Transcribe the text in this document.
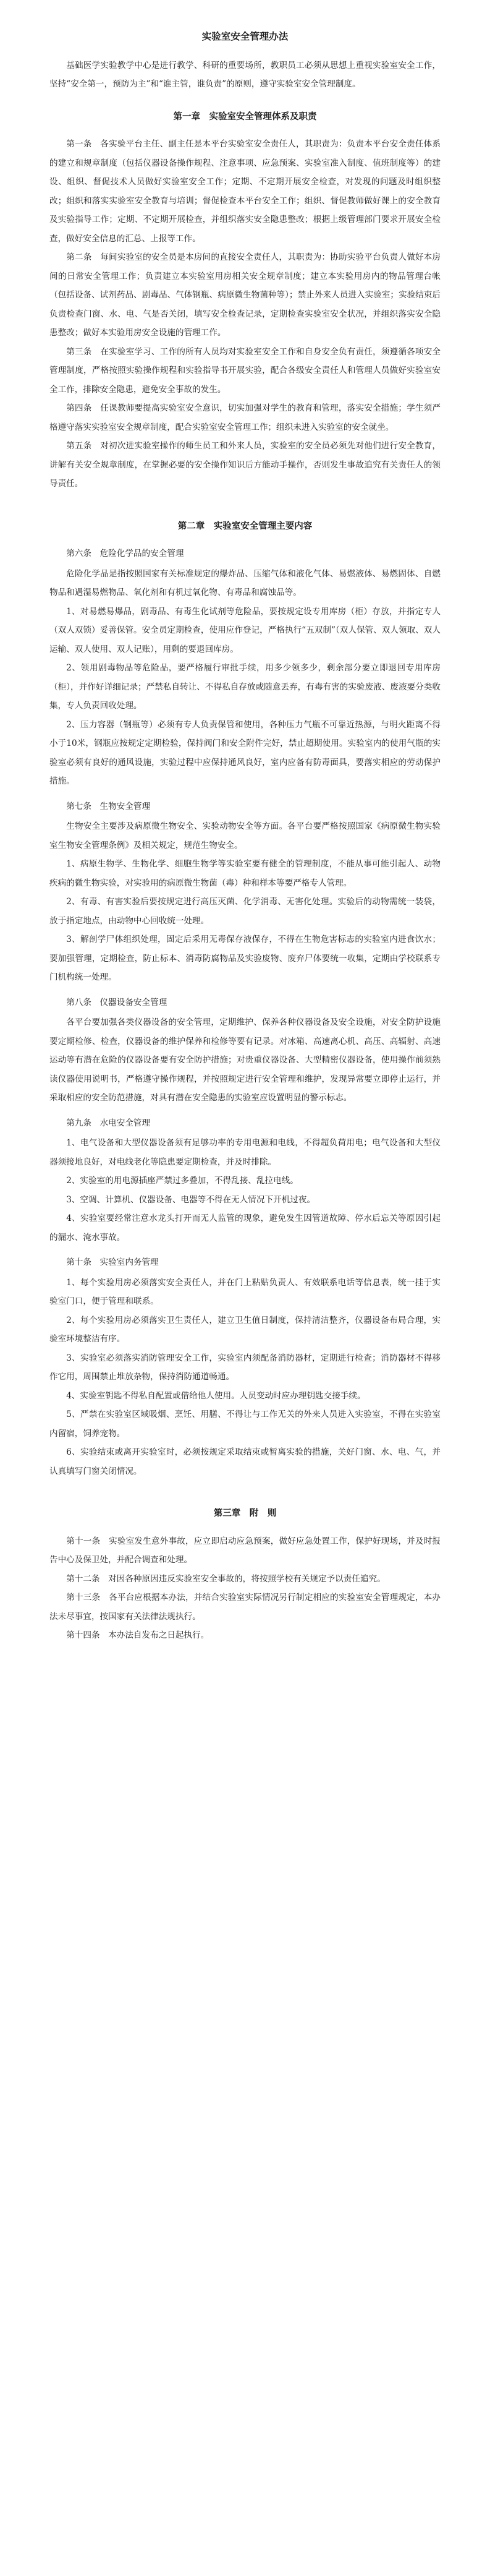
实验室安全管理办法

基础医学实验教学中心是进行教学、科研的重要场所，教职员工必须从思想上重视实验室安全工作，坚持“安全第一，预防为主”和“谁主管，谁负责”的原则，遵守实验室安全管理制度。

第一章　实验室安全管理体系及职责

第一条　各实验平台主任、副主任是本平台实验室安全责任人，其职责为：负责本平台安全责任体系的建立和规章制度（包括仪器设备操作规程、注意事项、应急预案、实验室准入制度、值班制度等）的建设、组织、督促技术人员做好实验室安全工作；定期、不定期开展安全检查，对发现的问题及时组织整改；组织和落实实验室安全教育与培训；督促检查本平台安全工作；组织、督促教师做好课上的安全教育及实验指导工作；定期、不定期开展检查，并组织落实安全隐患整改；根据上级管理部门要求开展安全检查，做好安全信息的汇总、上报等工作。

第二条　每间实验室的安全员是本房间的直接安全责任人，其职责为：协助实验平台负责人做好本房间的日常安全管理工作；负责建立本实验室用房相关安全规章制度；建立本实验用房内的物品管理台帐（包括设备、试剂药品、剧毒品、气体钢瓶、病原微生物菌种等）；禁止外来人员进入实验室；实验结束后负责检查门窗、水、电、气是否关闭，填写安全检查记录，定期检查实验室安全状况，并组织落实安全隐患整改；做好本实验用房安全设施的管理工作。

第三条　在实验室学习、工作的所有人员均对实验室安全工作和自身安全负有责任，须遵循各项安全管理制度，严格按照实验操作规程和实验指导书开展实验，配合各级安全责任人和管理人员做好实验室安全工作，排除安全隐患，避免安全事故的发生。

第四条　任课教师要提高实验室安全意识，切实加强对学生的教育和管理，落实安全措施；学生须严格遵守落实实验室安全规章制度，配合实验室安全管理工作；组织未进入实验室的安全就坐。

第五条　对初次进实验室操作的师生员工和外来人员，实验室的安全员必须先对他们进行安全教育，讲解有关安全规章制度，在掌握必要的安全操作知识后方能动手操作，否则发生事故追究有关责任人的领导责任。

第二章　实验室安全管理主要内容

第六条　危险化学品的安全管理

危险化学品是指按照国家有关标准规定的爆炸品、压缩气体和液化气体、易燃液体、易燃固体、自燃物品和遇湿易燃物品、氧化剂和有机过氧化物、有毒品和腐蚀品等。

1、对易燃易爆品，剧毒品、有毒生化试剂等危险品，要按规定设专用库房（柜）存放，并指定专人（双人双锁）妥善保管。安全员定期检查，使用应作登记，严格执行“五双制”（双人保管、双人领取、双人运输、双人使用、双人记账），用剩的要退回库房。

2、领用剧毒物品等危险品，要严格履行审批手续，用多少领多少，剩余部分要立即退回专用库房（柜），并作好详细记录；严禁私自转让、不得私自存放或随意丢弃，有毒有害的实验废液、废液要分类收集，专人负责回收处理。

2、压力容器（钢瓶等）必须有专人负责保管和使用，各种压力气瓶不可靠近热源，与明火距离不得小于10米，钢瓶应按规定定期检验，保持阀门和安全附件完好，禁止超期使用。实验室内的使用气瓶的实验室必须有良好的通风设施，实验过程中应保持通风良好，室内应备有防毒面具，要落实相应的劳动保护措施。

第七条　生物安全管理

生物安全主要涉及病原微生物安全、实验动物安全等方面。各平台要严格按照国家《病原微生物实验室生物安全管理条例》及相关规定，规范生物安全。

1、病原生物学、生物化学、细胞生物学等实验室要有健全的管理制度，不能从事可能引起人、动物疾病的微生物实验，对实验用的病原微生物菌（毒）种和样本等要严格专人管理。

2、有毒、有害实验后要按规定进行高压灭菌、化学消毒、无害化处理。实验后的动物需统一装袋，放于指定地点，由动物中心回收统一处理。

3、解剖学尸体组织处理，固定后采用无毒保存液保存，不得在生物危害标志的实验室内进食饮水；要加强管理，定期检查，防止标本、消毒防腐物品及实验废物、废弃尸体要统一收集，定期由学校联系专门机构统一处理。

第八条　仪器设备安全管理

各平台要加强各类仪器设备的安全管理，定期维护、保养各种仪器设备及安全设施，对安全防护设施要定期检修、检查，仪器设备的维护保养和检修等要有记录。对冰箱、高速离心机、高压、高辐射、高速运动等有潜在危险的仪器设备要有安全防护措施；对贵重仪器设备、大型精密仪器设备，使用操作前须熟读仪器使用说明书，严格遵守操作规程，并按照规定进行安全管理和维护，发现异常要立即停止运行，并采取相应的安全防范措施，对具有潜在安全隐患的实验室应设置明显的警示标志。

第九条　水电安全管理

1、电气设备和大型仪器设备须有足够功率的专用电源和电线，不得超负荷用电；电气设备和大型仪器须接地良好，对电线老化等隐患要定期检查，并及时排除。

2、实验室的用电源插座严禁过多叠加，不得乱接、乱拉电线。

3、空调、计算机、仪器设备、电器等不得在无人情况下开机过夜。

4、实验室要经常注意水龙头打开而无人监管的现象，避免发生因管道故障、停水后忘关等原因引起的漏水、淹水事故。

第十条　实验室内务管理

1、每个实验用房必须落实安全责任人，并在门上粘贴负责人、有效联系电话等信息表，统一挂于实验室门口，便于管理和联系。

2、每个实验用房必须落实卫生责任人，建立卫生值日制度，保持清洁整齐，仪器设备布局合理，实验室环境整洁有序。

3、实验室必须落实消防管理安全工作，实验室内须配备消防器材，定期进行检查；消防器材不得移作它用，周围禁止堆放杂物，保持消防通道畅通。

4、实验室钥匙不得私自配置或借给他人使用。人员变动时应办理钥匙交接手续。

5、严禁在实验室区域吸烟、烹饪、用膳、不得让与工作无关的外来人员进入实验室，不得在实验室内留宿，饲养宠物。

6、实验结束或离开实验室时，必须按规定采取结束或暂离实验的措施，关好门窗、水、电、气，并认真填写门窗关闭情况。

第三章　附　则

第十一条　实验室发生意外事故，应立即启动应急预案，做好应急处置工作，保护好现场，并及时报告中心及保卫处，并配合调查和处理。

第十二条　对因各种原因违反实验室安全事故的，将按照学校有关规定予以责任追究。

第十三条　各平台应根据本办法，并结合实验室实际情况另行制定相应的实验室安全管理规定，本办法未尽事宜，按国家有关法律法规执行。

第十四条　本办法自发布之日起执行。
